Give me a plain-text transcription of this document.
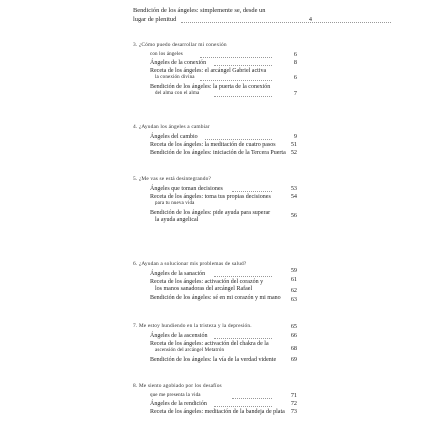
Bendición de los ángeles: simplemente se, desde un
lugar de plenitud	4
3. ¿Cómo puedo desarrollar mi conexión
con los ángeles	6
Ángeles de la conexión	8
Receta de los ángeles: el arcángel Gabriel activa
la conexión divina	6
Bendición de los ángeles: la puerta de la conexión
del alma con el alma	7
4. ¿Ayudan los ángeles a cambiar
Ángeles del cambio	9
Receta de los ángeles: la meditación de cuatro pasos	51
Bendición de los ángeles: iniciación de la Tercera Puerta 52
5. ¿Me vas se está desintegrando?
Ángeles que toman decisiones	53
Receta de los ángeles: toma tus propias decisiones	54
para tu nueva vida
Bendición de los ángeles: pide ayuda para superar	56
la ayuda angelical
6. ¿Ayudan a solucionar mis problemas de salud?
Ángeles de la sanación	59
Receta de los ángeles: activación del corazón y	61
los manos sanadoras del arcángel Rafael	62
Bendición de los ángeles: sé en mi corazón y mi mano	63
7. Me estoy hundiendo en la tristeza y la depresión.	65
Ángeles de la ascensión	66
Receta de los ángeles: activación del chakra de la
ascensión del arcángel Metatrón	68
Bendición de los ángeles: la vía de la verdad vidente	69
8. Me siento agobiado por los desafíos
que me presenta la vida	71
Ángeles de la rendición	72
Receta de los ángeles: meditación de la bandeja de plata 73
